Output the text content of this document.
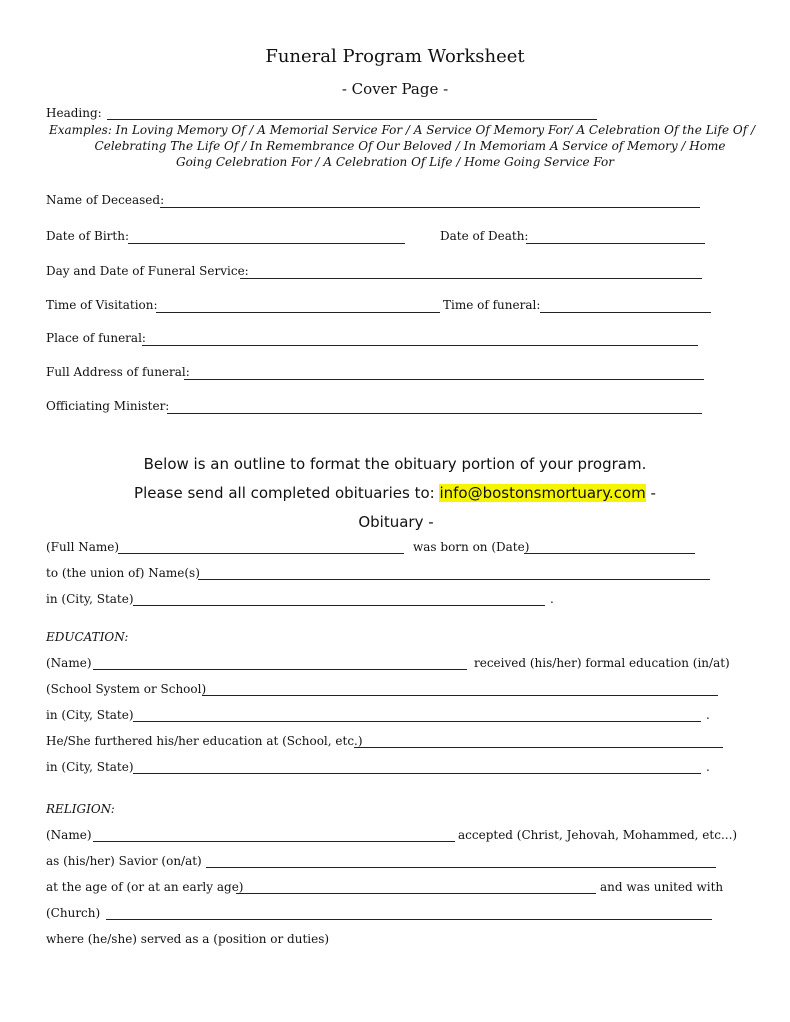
Funeral Program Worksheet
- Cover Page -
Heading:
Examples: In Loving Memory Of / A Memorial Service For / A Service Of Memory For/ A Celebration Of the Life Of /
Celebrating The Life Of / In Remembrance Of Our Beloved / In Memoriam A Service of Memory / Home
Going Celebration For / A Celebration Of Life / Home Going Service For
Name of Deceased:
Date of Birth:	Date of Death:
Day and Date of Funeral Service:
Time of Visitation:	Time of funeral:
Place of funeral:
Full Address of funeral:
Officiating Minister:
Below is an outline to format the obituary portion of your program.
Please send all completed obituaries to: info@bostonsmortuary.com -
Obituary -
(Full Name)	was born on (Date)
to (the union of) Name(s)
in (City, State)	.
EDUCATION:
(Name)	received (his/her) formal education (in/at)
(School System or School)
in (City, State)	.
He/She furthered his/her education at (School, etc.)
in (City, State)	.
RELIGION:
(Name)	accepted (Christ, Jehovah, Mohammed, etc...)
as (his/her) Savior (on/at)
at the age of (or at an early age)	and was united with
(Church)
where (he/she) served as a (position or duties)
